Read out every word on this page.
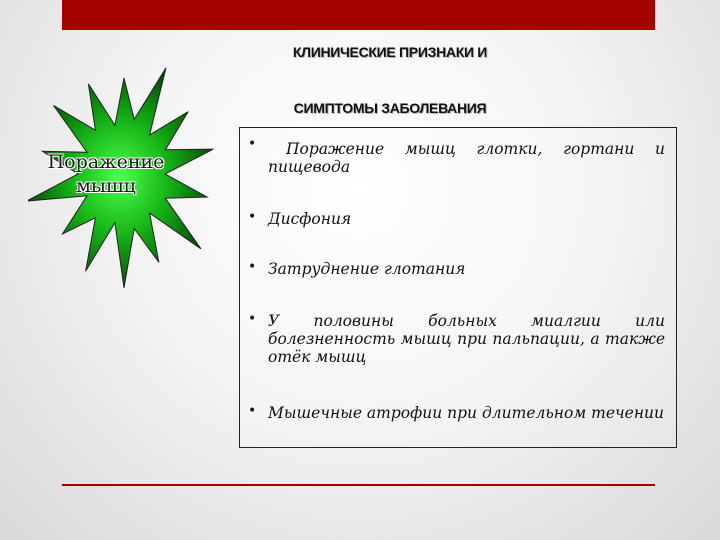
КЛИНИЧЕСКИЕ ПРИЗНАКИ И
СИМПТОМЫ ЗАБОЛЕВАНИЯ
Поражение
мышц
•	Поражение мышц глотки, гортани и пищевода
• Дисфония
• Затруднение глотания
• У половины больных миалгии или болезненность мышц при пальпации, а также отёк мышц
• Мышечные атрофии при длительном течении
